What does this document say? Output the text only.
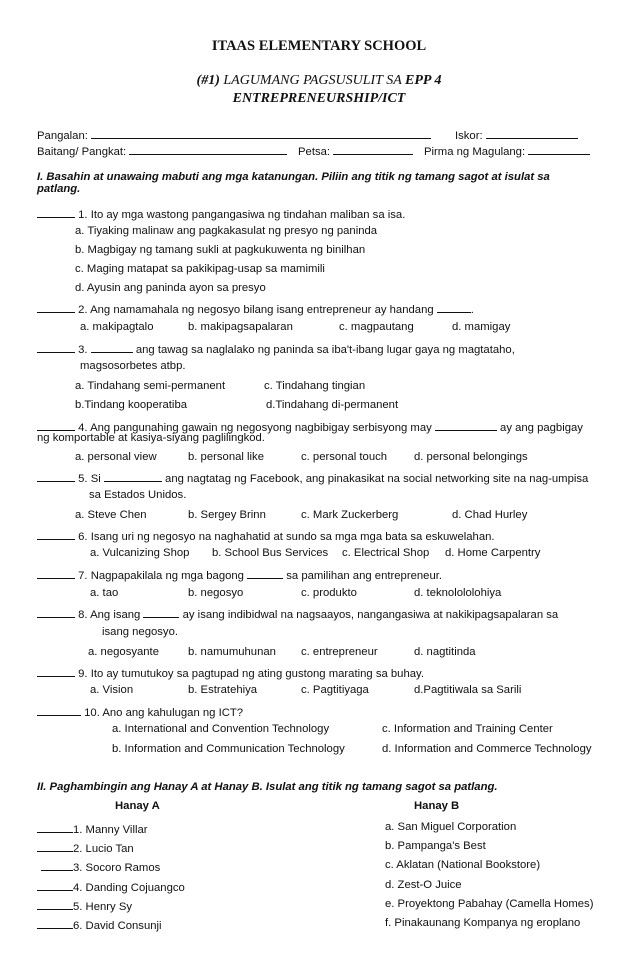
ITAAS ELEMENTARY SCHOOL
(#1) LAGUMANG PAGSUSULIT SA EPP 4
ENTREPRENEURSHIP/ICT
Pangalan:	Iskor:
Baitang/ Pangkat:	Petsa:	Pirma ng Magulang:
I. Basahin at unawaing mabuti ang mga katanungan. Piliin ang titik ng tamang sagot at isulat sa patlang.
1. Ito ay mga wastong pangangasiwa ng tindahan maliban sa isa.
a. Tiyaking malinaw ang pagkakasulat ng presyo ng paninda
b. Magbigay ng tamang sukli at pagkukuwenta ng binilhan
c. Maging matapat sa pakikipag-usap sa mamimili
d. Ayusin ang paninda ayon sa presyo
2. Ang namamahala ng negosyo bilang isang entrepreneur ay handang	.
a. makipagtalo	b. makipagsapalaran	c. magpautang	d. mamigay
3.	ang tawag sa naglalako ng paninda sa iba't-ibang lugar gaya ng magtataho,
magsosorbetes atbp.
a. Tindahang semi-permanent	c. Tindahang tingian
b.Tindang kooperatiba	d.Tindahang di-permanent
4. Ang pangunahing gawain ng negosyong nagbibigay serbisyong may	ay ang pagbigay
ng komportable at kasiya-siyang paglilingkod.
a. personal view	b. personal like	c. personal touch d. personal belongings
5. Si	ang nagtatag ng Facebook, ang pinakasikat na social networking site na nag-umpisa
sa Estados Unidos.
a. Steve Chen	b. Sergey Brinn	c. Mark Zuckerberg	d. Chad Hurley
6. Isang uri ng negosyo na naghahatid at sundo sa mga mga bata sa eskuwelahan.
a. Vulcanizing Shop b. School Bus Services c. Electrical Shop d. Home Carpentry
7. Nagpapakilala ng mga bagong	sa pamilihan ang entrepreneur.
a. tao	b. negosyo	c. produkto	d. teknolololohiya
8. Ang isang	ay isang indibidwal na nagsaayos, nangangasiwa at nakikipagsapalaran sa
isang negosyo.
a. negosyante	b. namumuhunan c. entrepreneur	d. nagtitinda
9. Ito ay tumutukoy sa pagtupad ng ating gustong marating sa buhay.
a. Vision	b. Estratehiya	c. Pagtitiyaga	d.Pagtitiwala sa Sarili
10. Ano ang kahulugan ng ICT?
a. International and Convention Technology	c. Information and Training Center
b. Information and Communication Technology	d. Information and Commerce Technology
II. Paghambingin ang Hanay A at Hanay B. Isulat ang titik ng tamang sagot sa patlang.
Hanay A	Hanay B
1. Manny Villar
2. Lucio Tan
3. Socoro Ramos
4. Danding Cojuangco
5. Henry Sy
6. David Consunji
a. San Miguel Corporation
b. Pampanga's Best
c. Aklatan (National Bookstore)
d. Zest-O Juice
e. Proyektong Pabahay (Camella Homes)
f. Pinakaunang Kompanya ng eroplano
